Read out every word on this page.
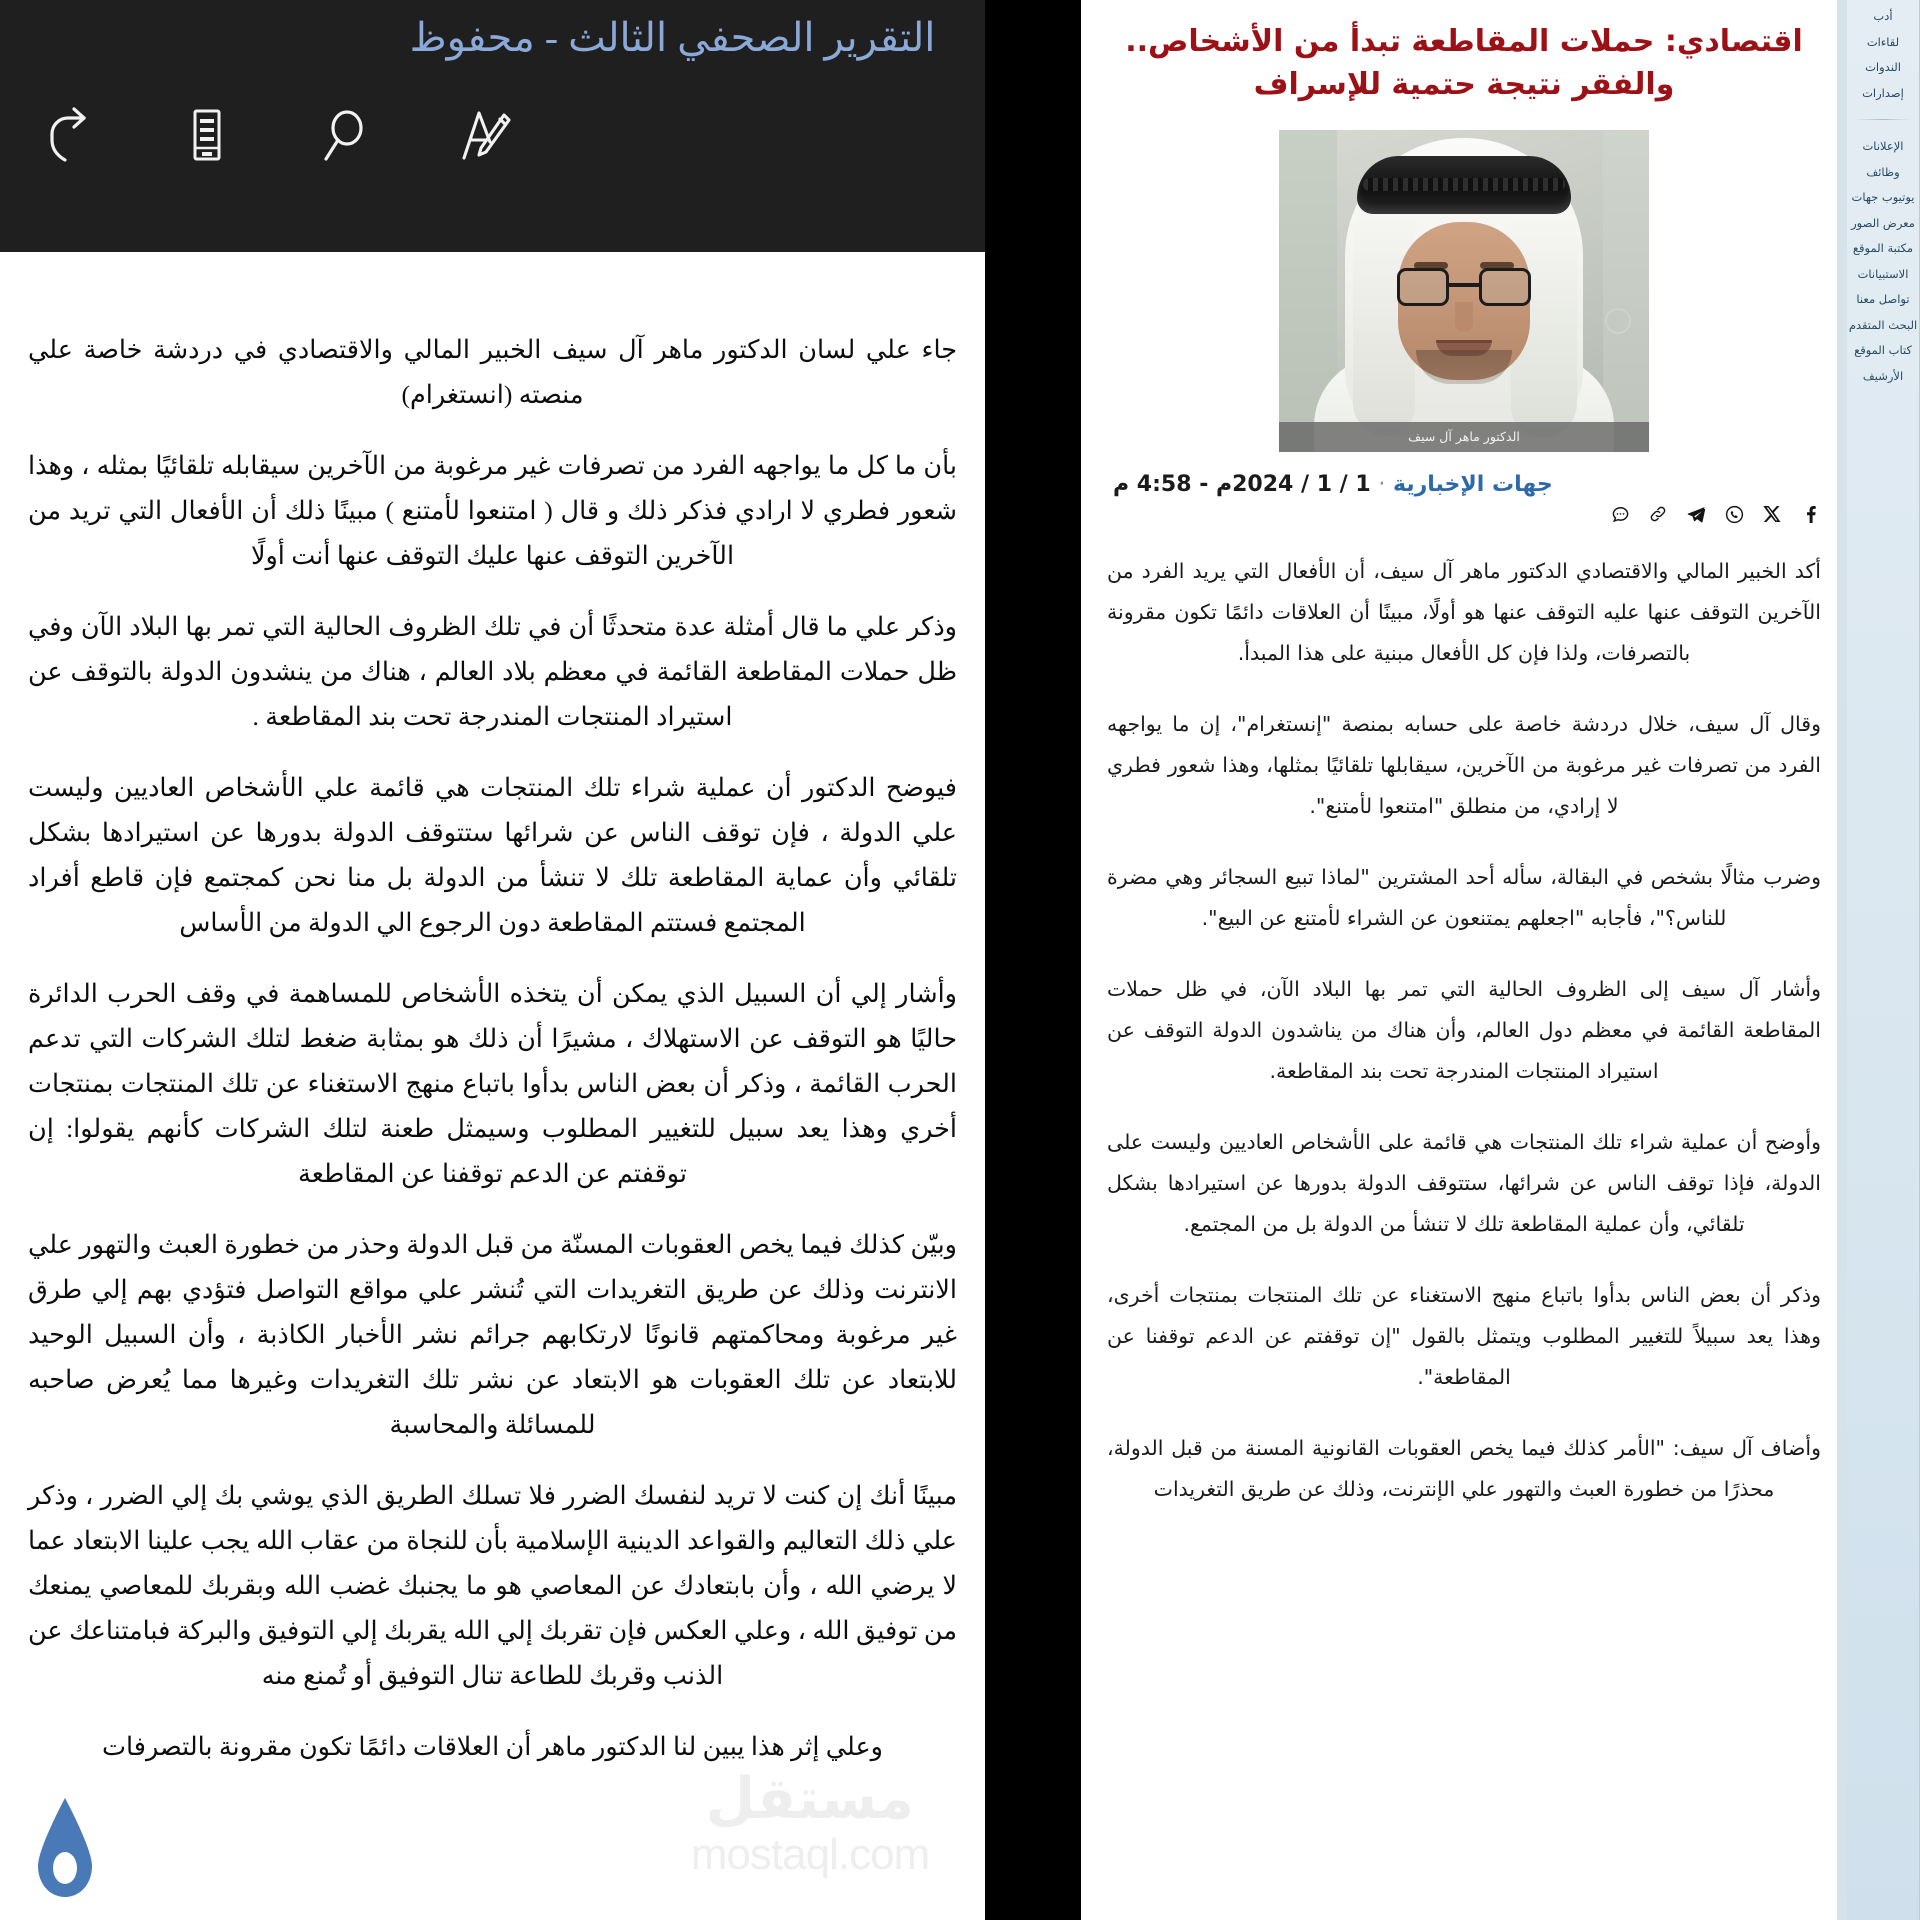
التقرير الصحفي الثالث - محفوظ

جاء علي لسان الدكتور ماهر آل سيف الخبير المالي والاقتصادي في دردشة خاصة علي منصته (انستغرام)

بأن ما كل ما يواجهه الفرد من تصرفات غير مرغوبة من الآخرين سيقابله تلقائيًا بمثله ، وهذا شعور فطري لا ارادي فذكر ذلك و قال ( امتنعوا لأمتنع ) مبينًا ذلك أن الأفعال التي تريد من الآخرين التوقف عنها عليك التوقف عنها أنت أولًا

وذكر علي ما قال أمثلة عدة متحدثًا أن في تلك الظروف الحالية التي تمر بها البلاد الآن وفي ظل حملات المقاطعة القائمة في معظم بلاد العالم ، هناك من ينشدون الدولة بالتوقف عن استيراد المنتجات المندرجة تحت بند المقاطعة .

فيوضح الدكتور أن عملية شراء تلك المنتجات هي قائمة علي الأشخاص العاديين وليست علي الدولة ، فإن توقف الناس عن شرائها ستتوقف الدولة بدورها عن استيرادها بشكل تلقائي وأن عماية المقاطعة تلك لا تنشأ من الدولة بل منا نحن كمجتمع فإن قاطع أفراد المجتمع فستتم المقاطعة دون الرجوع الي الدولة من الأساس

وأشار إلي أن السبيل الذي يمكن أن يتخذه الأشخاص للمساهمة في وقف الحرب الدائرة حاليًا هو التوقف عن الاستهلاك ، مشيرًا أن ذلك هو بمثابة ضغط لتلك الشركات التي تدعم الحرب القائمة ، وذكر أن بعض الناس بدأوا باتباع منهج الاستغناء عن تلك المنتجات بمنتجات أخري وهذا يعد سبيل للتغيير المطلوب وسيمثل طعنة لتلك الشركات كأنهم يقولوا: إن توقفتم عن الدعم توقفنا عن المقاطعة

وبيّن كذلك فيما يخص العقوبات المسنّة من قبل الدولة وحذر من خطورة العبث والتهور علي الانترنت وذلك عن طريق التغريدات التي تُنشر علي مواقع التواصل فتؤدي بهم إلي طرق غير مرغوبة ومحاكمتهم قانونًا لارتكابهم جرائم نشر الأخبار الكاذبة ، وأن السبيل الوحيد للابتعاد عن تلك العقوبات هو الابتعاد عن نشر تلك التغريدات وغيرها مما يُعرض صاحبه للمسائلة والمحاسبة

مبينًا أنك إن كنت لا تريد لنفسك الضرر فلا تسلك الطريق الذي يوشي بك إلي الضرر ، وذكر علي ذلك التعاليم والقواعد الدينية الإسلامية بأن للنجاة من عقاب الله يجب علينا الابتعاد عما لا يرضي الله ، وأن بابتعادك عن المعاصي هو ما يجنبك غضب الله وبقربك للمعاصي يمنعك من توفيق الله ، وعلي العكس فإن تقربك إلي الله يقربك إلي التوفيق والبركة فبامتناعك عن الذنب وقربك للطاعة تنال التوفيق أو تُمنع منه

وعلي إثر هذا يبين لنا الدكتور ماهر أن العلاقات دائمًا تكون مقرونة بالتصرفات

اقتصادي: حملات المقاطعة تبدأ من الأشخاص.. والفقر نتيجة حتمية للإسراف
الدكتور ماهر آل سيف
جهات الإخبارية · 1 / 1 / 2024م - 4:58 م

أكد الخبير المالي والاقتصادي الدكتور ماهر آل سيف، أن الأفعال التي يريد الفرد من الآخرين التوقف عنها عليه التوقف عنها هو أولًا، مبينًا أن العلاقات دائمًا تكون مقرونة بالتصرفات، ولذا فإن كل الأفعال مبنية على هذا المبدأ.

وقال آل سيف، خلال دردشة خاصة على حسابه بمنصة "إنستغرام"، إن ما يواجهه الفرد من تصرفات غير مرغوبة من الآخرين، سيقابلها تلقائيًا بمثلها، وهذا شعور فطري لا إرادي، من منطلق "امتنعوا لأمتنع".

وضرب مثالًا بشخص في البقالة، سأله أحد المشترين "لماذا تبيع السجائر وهي مضرة للناس؟"، فأجابه "اجعلهم يمتنعون عن الشراء لأمتنع عن البيع".

وأشار آل سيف إلى الظروف الحالية التي تمر بها البلاد الآن، في ظل حملات المقاطعة القائمة في معظم دول العالم، وأن هناك من يناشدون الدولة التوقف عن استيراد المنتجات المندرجة تحت بند المقاطعة.

وأوضح أن عملية شراء تلك المنتجات هي قائمة على الأشخاص العاديين وليست على الدولة، فإذا توقف الناس عن شرائها، ستتوقف الدولة بدورها عن استيرادها بشكل تلقائي، وأن عملية المقاطعة تلك لا تنشأ من الدولة بل من المجتمع.

وذكر أن بعض الناس بدأوا باتباع منهج الاستغناء عن تلك المنتجات بمنتجات أخرى، وهذا يعد سبيلاً للتغيير المطلوب ويتمثل بالقول "إن توقفتم عن الدعم توقفنا عن المقاطعة".

وأضاف آل سيف: "الأمر كذلك فيما يخص العقوبات القانونية المسنة من قبل الدولة، محذرًا من خطورة العبث والتهور علي الإنترنت، وذلك عن طريق التغريدات

أدب
لقاءات
الندوات
إصدارات
الإعلانات
وظائف
يوتيوب جهات
معرض الصور
مكتبة الموقع
الاستبيانات
تواصل معنا
البحث المتقدم
كتاب الموقع
الأرشيف
